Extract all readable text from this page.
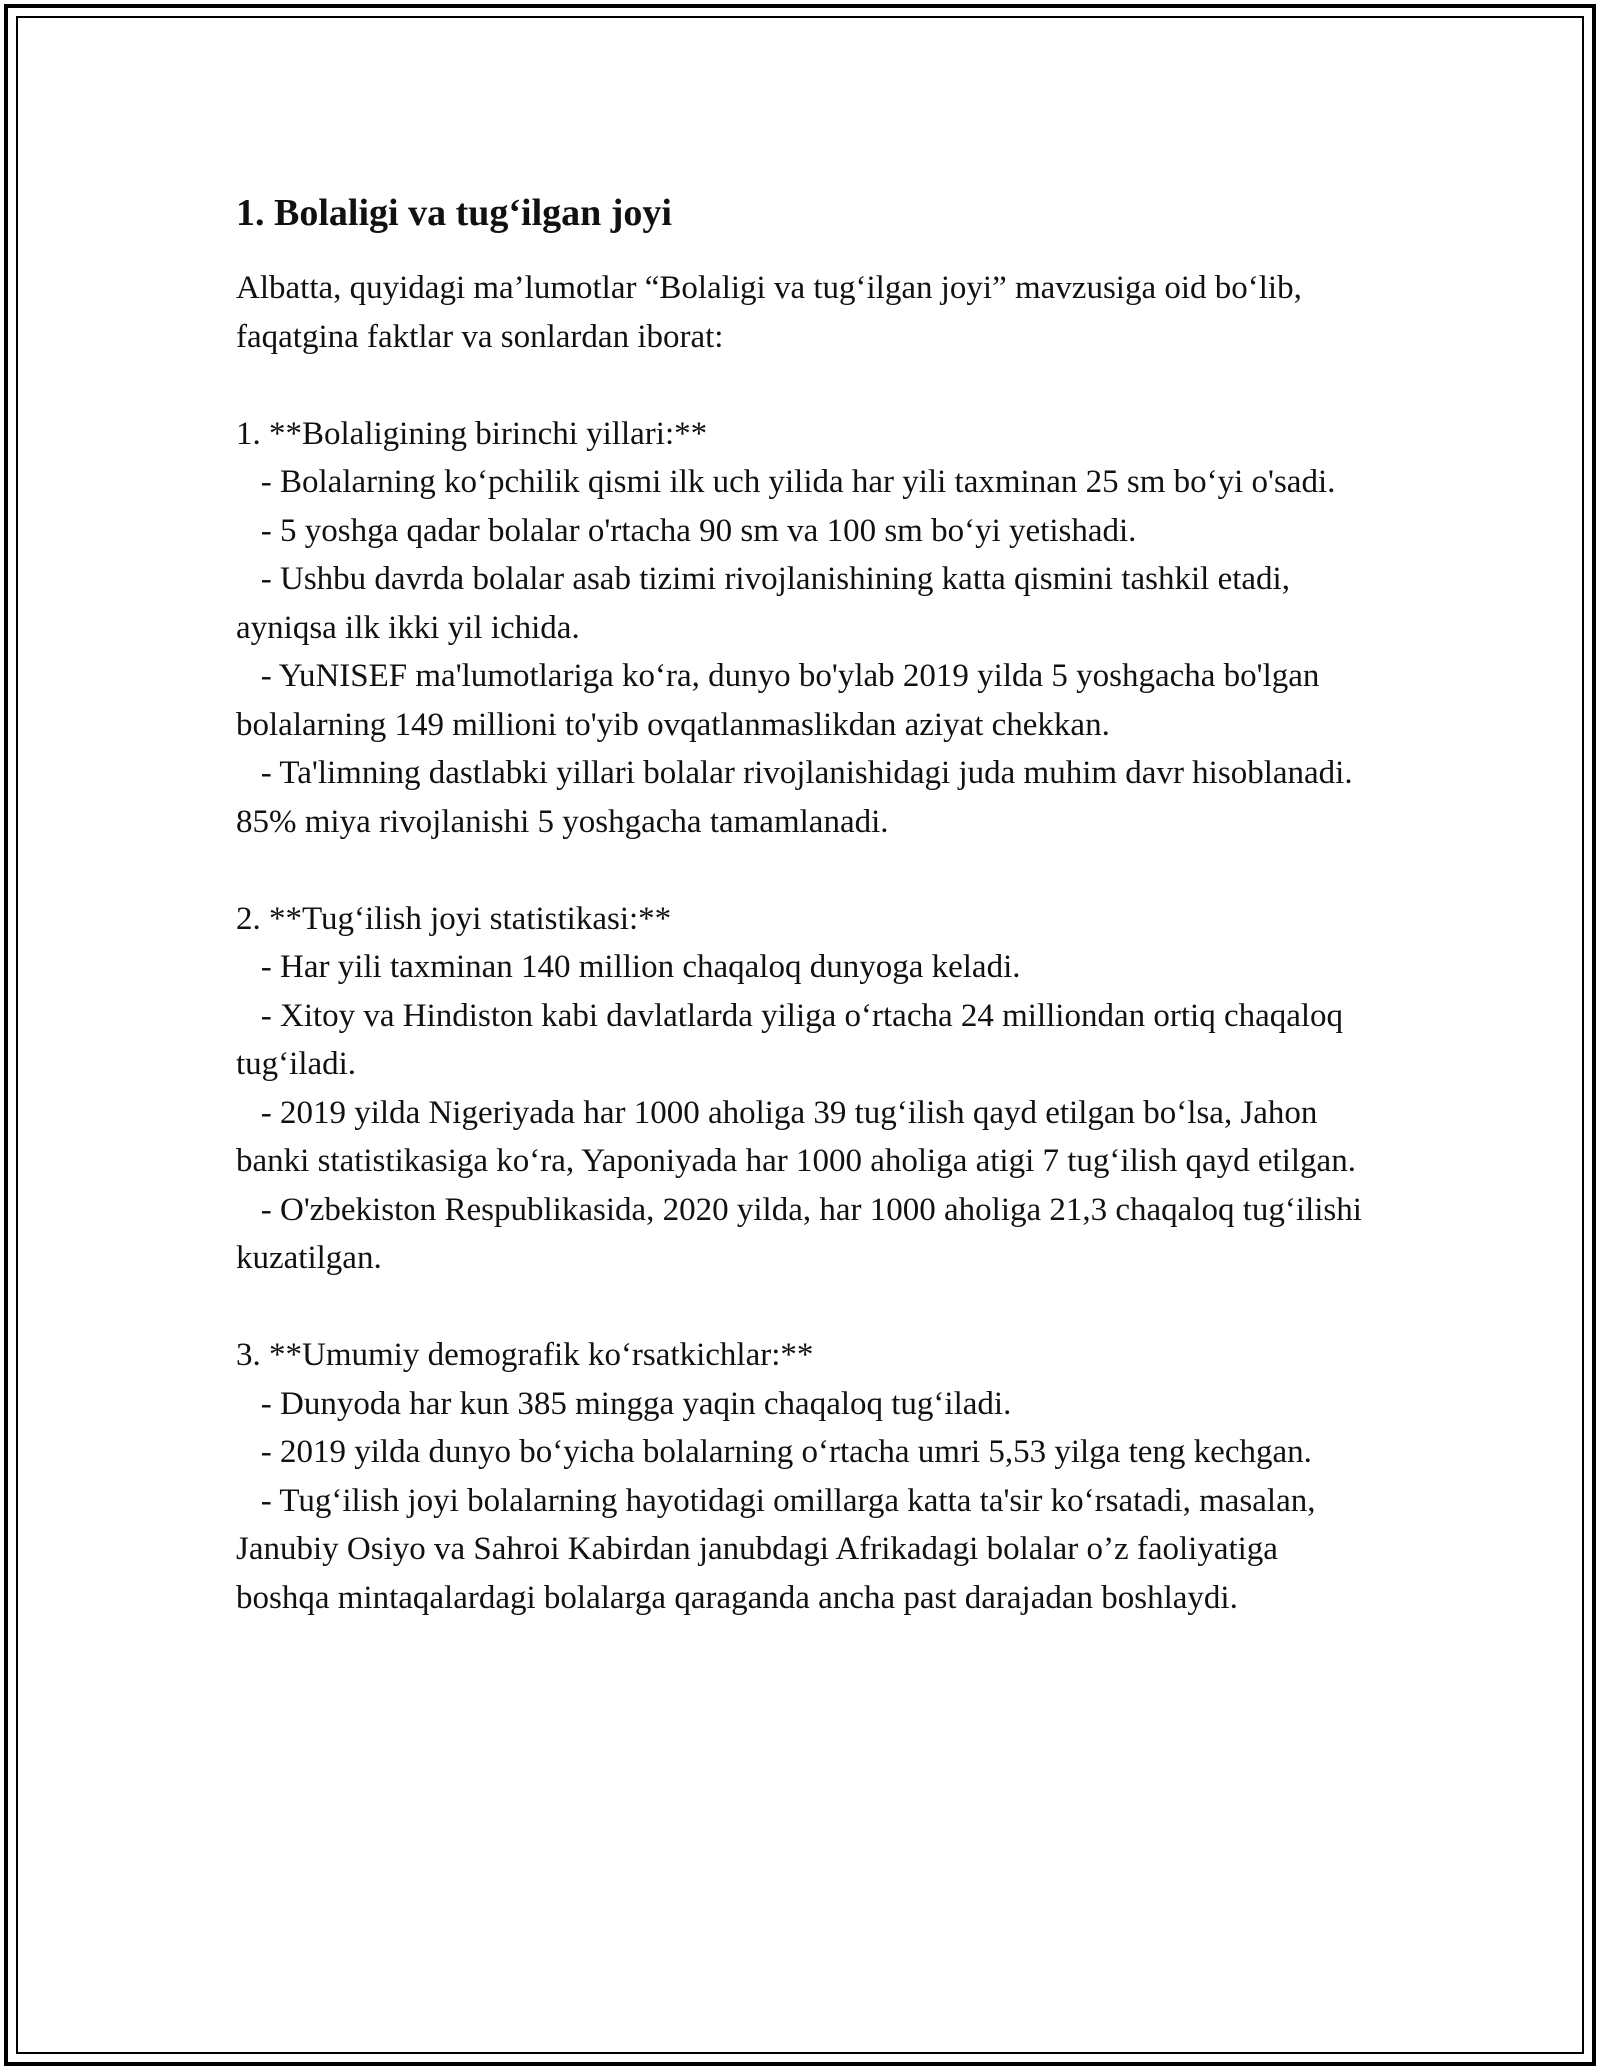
1. Bolaligi va tug‘ilgan joyi

Albatta, quyidagi ma’lumotlar “Bolaligi va tug‘ilgan joyi” mavzusiga oid bo‘lib, faqatgina faktlar va sonlardan iborat:

1. **Bolaligining birinchi yillari:**

- Bolalarning ko‘pchilik qismi ilk uch yilida har yili taxminan 25 sm bo‘yi o'sadi.

- 5 yoshga qadar bolalar o'rtacha 90 sm va 100 sm bo‘yi yetishadi.

- Ushbu davrda bolalar asab tizimi rivojlanishining katta qismini tashkil etadi, ayniqsa ilk ikki yil ichida.

- YuNISEF ma'lumotlariga ko‘ra, dunyo bo'ylab 2019 yilda 5 yoshgacha bo'lgan bolalarning 149 millioni to'yib ovqatlanmaslikdan aziyat chekkan.

- Ta'limning dastlabki yillari bolalar rivojlanishidagi juda muhim davr hisoblanadi. 85% miya rivojlanishi 5 yoshgacha tamamlanadi.

2. **Tug‘ilish joyi statistikasi:**

- Har yili taxminan 140 million chaqaloq dunyoga keladi.

- Xitoy va Hindiston kabi davlatlarda yiliga o‘rtacha 24 milliondan ortiq chaqaloq tug‘iladi.

- 2019 yilda Nigeriyada har 1000 aholiga 39 tug‘ilish qayd etilgan bo‘lsa, Jahon banki statistikasiga ko‘ra, Yaponiyada har 1000 aholiga atigi 7 tug‘ilish qayd etilgan.

- O'zbekiston Respublikasida, 2020 yilda, har 1000 aholiga 21,3 chaqaloq tug‘ilishi kuzatilgan.

3. **Umumiy demografik ko‘rsatkichlar:**

- Dunyoda har kun 385 mingga yaqin chaqaloq tug‘iladi.

- 2019 yilda dunyo bo‘yicha bolalarning o‘rtacha umri 5,53 yilga teng kechgan.

- Tug‘ilish joyi bolalarning hayotidagi omillarga katta ta'sir ko‘rsatadi, masalan, Janubiy Osiyo va Sahroi Kabirdan janubdagi Afrikadagi bolalar o’z faoliyatiga boshqa mintaqalardagi bolalarga qaraganda ancha past darajadan boshlaydi.
